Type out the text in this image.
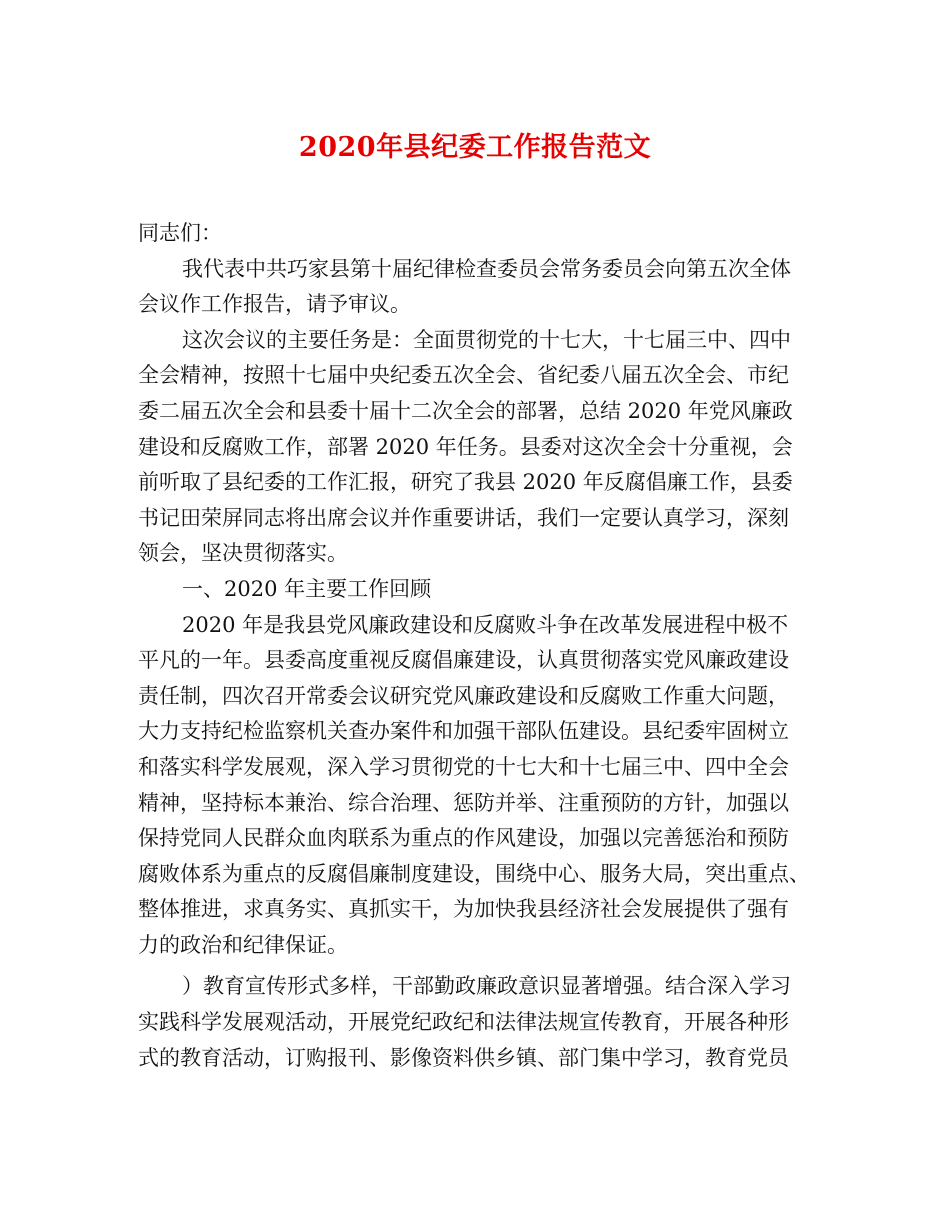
2020年县纪委工作报告范文
同志们：
我代表中共巧家县第十届纪律检查委员会常务委员会向第五次全体
会议作工作报告，请予审议。
这次会议的主要任务是：全面贯彻党的十七大，十七届三中、四中
全会精神，按照十七届中央纪委五次全会、省纪委八届五次全会、市纪
委二届五次全会和县委十届十二次全会的部署，总结 2020 年党风廉政
建设和反腐败工作，部署 2020 年任务。县委对这次全会十分重视，会
前听取了县纪委的工作汇报，研究了我县 2020 年反腐倡廉工作，县委
书记田荣屏同志将出席会议并作重要讲话，我们一定要认真学习，深刻
领会，坚决贯彻落实。
一、2020 年主要工作回顾
2020 年是我县党风廉政建设和反腐败斗争在改革发展进程中极不
平凡的一年。县委高度重视反腐倡廉建设，认真贯彻落实党风廉政建设
责任制，四次召开常委会议研究党风廉政建设和反腐败工作重大问题，
大力支持纪检监察机关查办案件和加强干部队伍建设。县纪委牢固树立
和落实科学发展观，深入学习贯彻党的十七大和十七届三中、四中全会
精神，坚持标本兼治、综合治理、惩防并举、注重预防的方针，加强以
保持党同人民群众血肉联系为重点的作风建设，加强以完善惩治和预防
腐败体系为重点的反腐倡廉制度建设，围绕中心、服务大局，突出重点、
整体推进，求真务实、真抓实干，为加快我县经济社会发展提供了强有
力的政治和纪律保证。
）教育宣传形式多样，干部勤政廉政意识显著增强。结合深入学习
实践科学发展观活动，开展党纪政纪和法律法规宣传教育，开展各种形
式的教育活动，订购报刊、影像资料供乡镇、部门集中学习，教育党员
